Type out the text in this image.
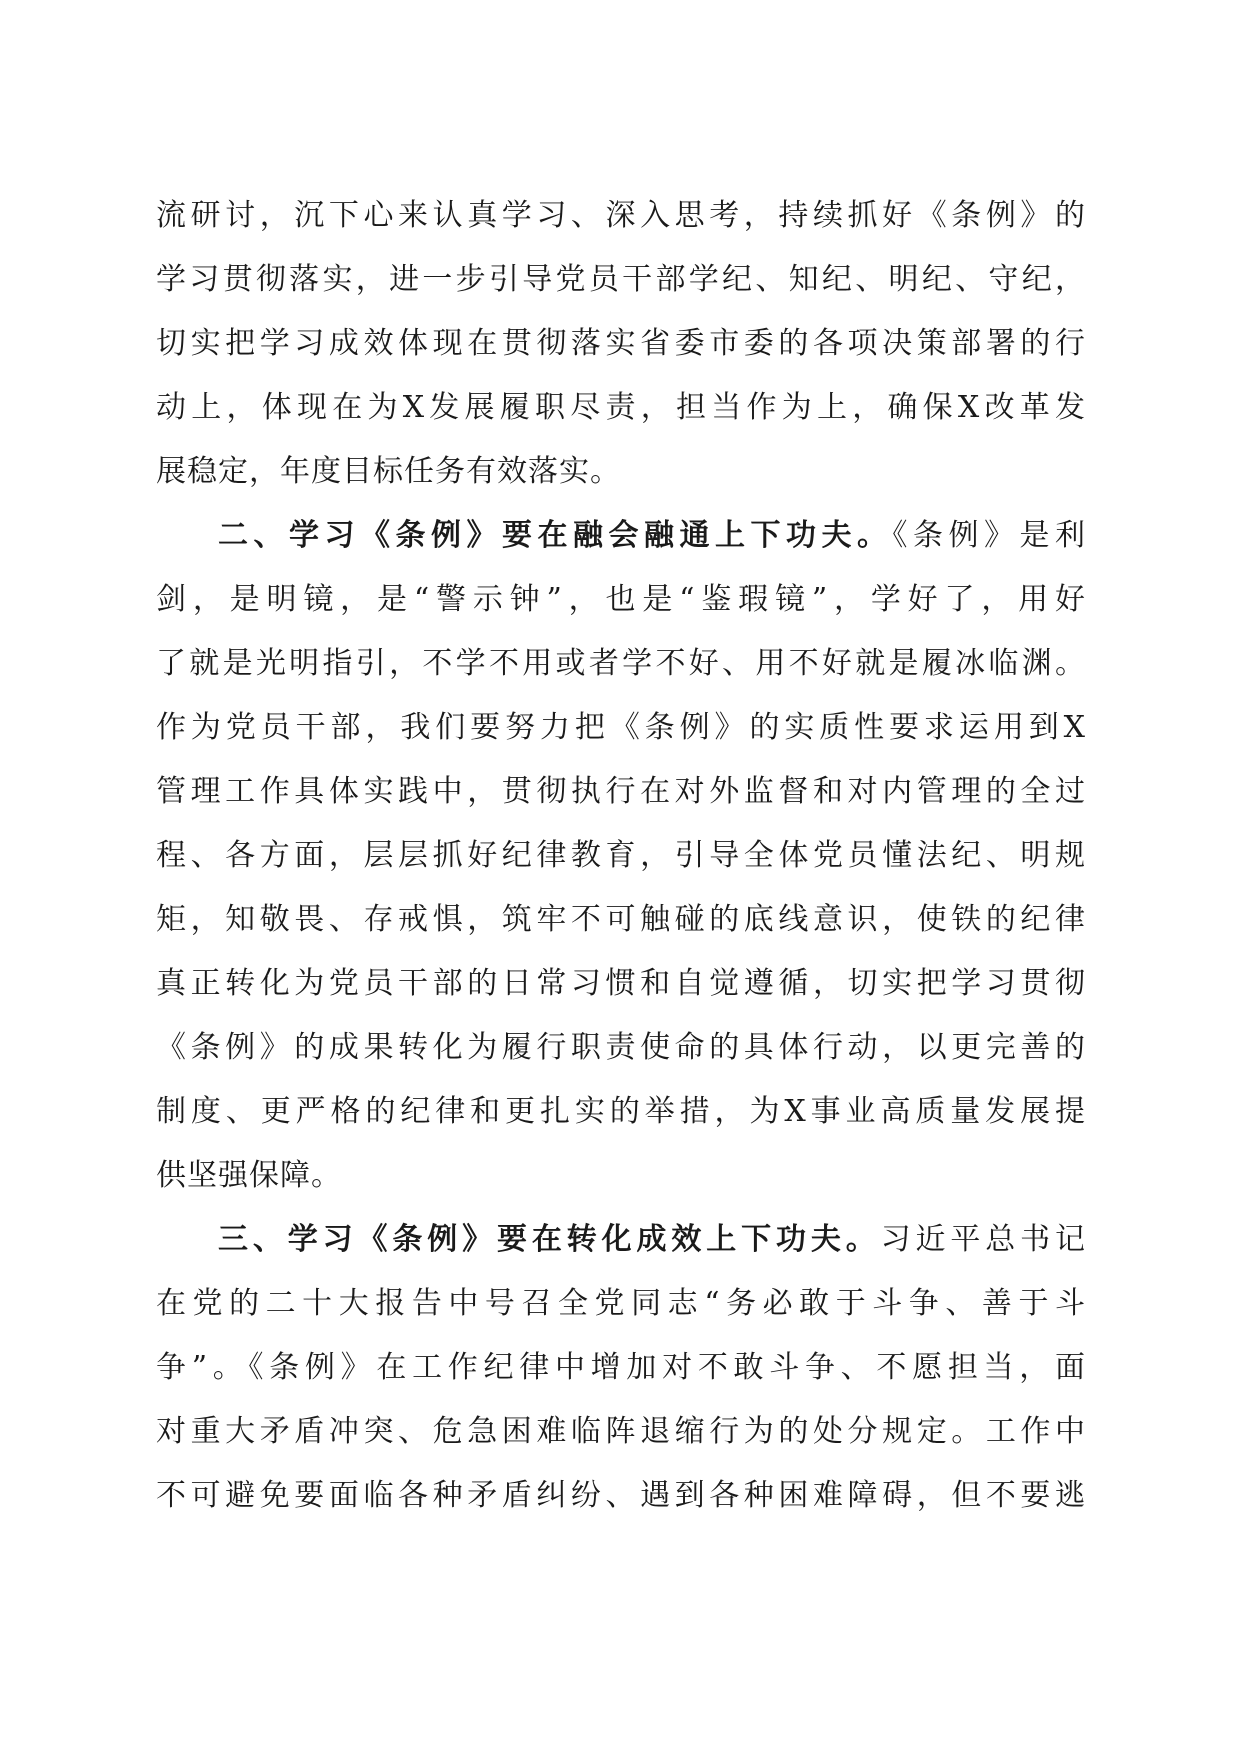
流研讨，沉下心来认真学习、深入思考，持续抓好《条例》的
学习贯彻落实，进一步引导党员干部学纪、知纪、明纪、守纪，
切实把学习成效体现在贯彻落实省委市委的各项决策部署的行
动上，体现在为X发展履职尽责，担当作为上，确保X改革发
展稳定，年度目标任务有效落实。
二、学习《条例》要在融会融通上下功夫。《条例》是利
剑，是明镜，是“警示钟”，也是“鉴瑕镜”，学好了，用好
了就是光明指引，不学不用或者学不好、用不好就是履冰临渊。
作为党员干部，我们要努力把《条例》的实质性要求运用到X
管理工作具体实践中，贯彻执行在对外监督和对内管理的全过
程、各方面，层层抓好纪律教育，引导全体党员懂法纪、明规
矩，知敬畏、存戒惧，筑牢不可触碰的底线意识，使铁的纪律
真正转化为党员干部的日常习惯和自觉遵循，切实把学习贯彻
《条例》的成果转化为履行职责使命的具体行动，以更完善的
制度、更严格的纪律和更扎实的举措，为X事业高质量发展提
供坚强保障。
三、学习《条例》要在转化成效上下功夫。习近平总书记
在党的二十大报告中号召全党同志“务必敢于斗争、善于斗
争”。《条例》在工作纪律中增加对不敢斗争、不愿担当，面
对重大矛盾冲突、危急困难临阵退缩行为的处分规定。工作中
不可避免要面临各种矛盾纠纷、遇到各种困难障碍，但不要逃
